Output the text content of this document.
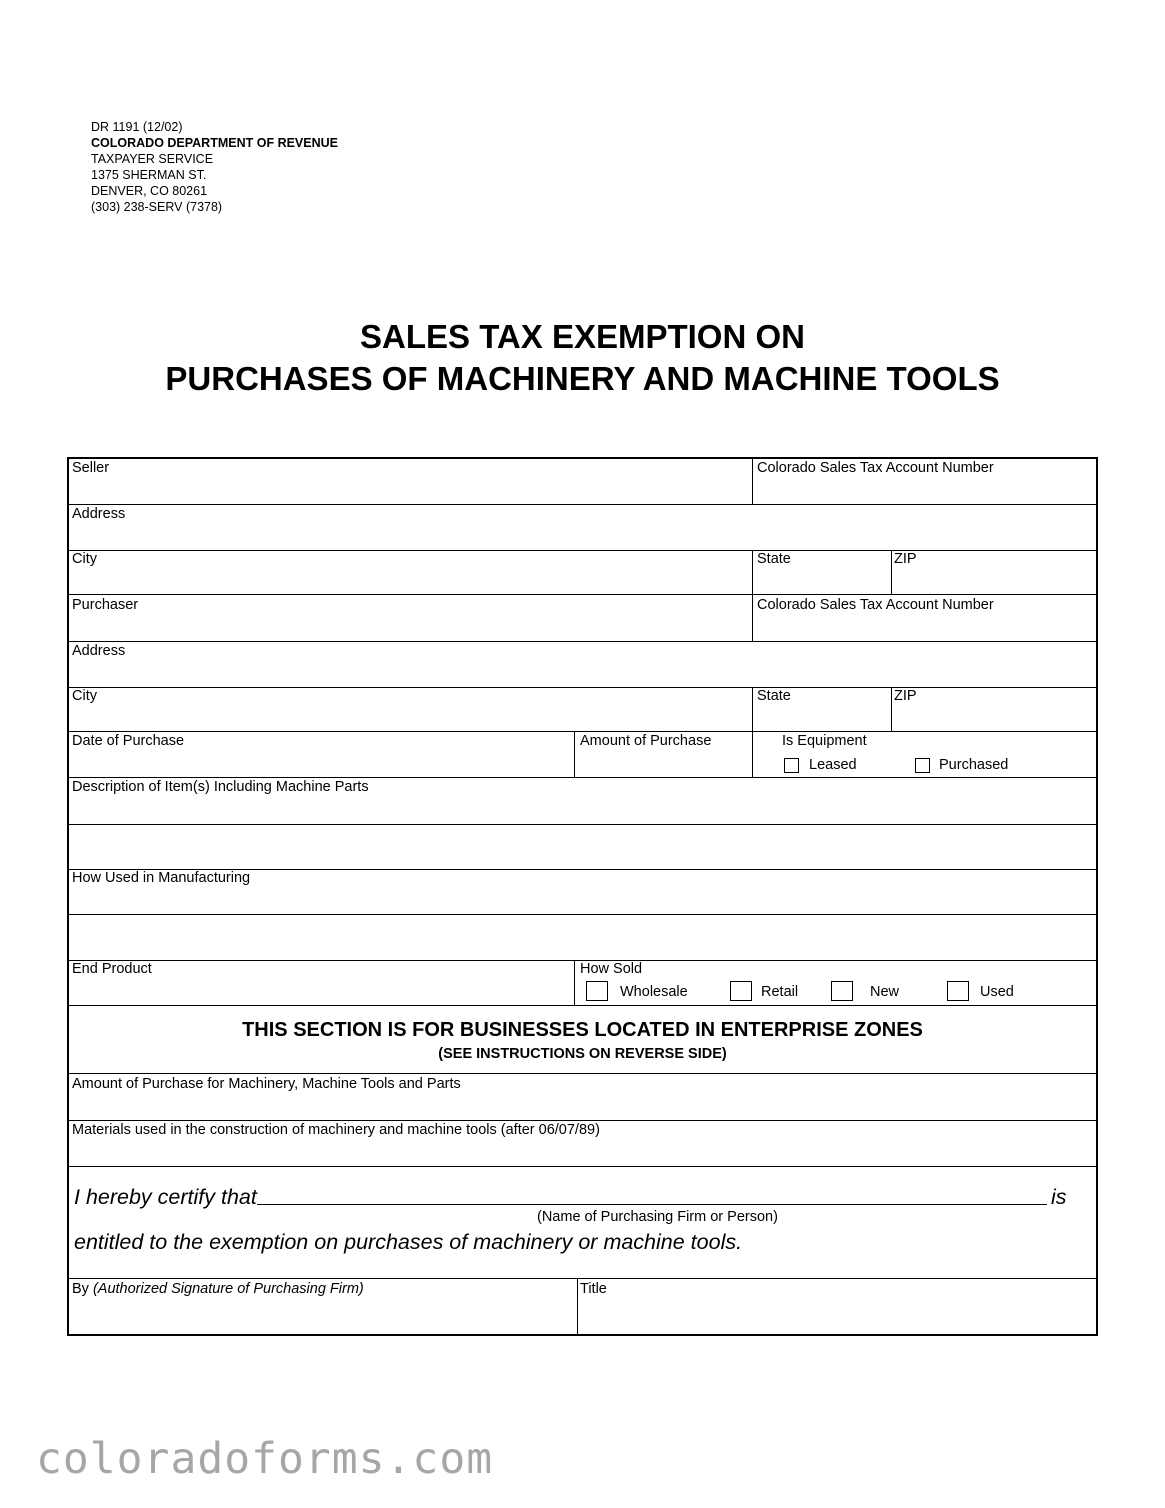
DR 1191 (12/02)
COLORADO DEPARTMENT OF REVENUE
TAXPAYER SERVICE
1375 SHERMAN ST.
DENVER, CO 80261
(303) 238-SERV (7378)
SALES TAX EXEMPTION ON
PURCHASES OF MACHINERY AND MACHINE TOOLS
Seller	Colorado Sales Tax Account Number
Address
City	State	ZIP
Purchaser	Colorado Sales Tax Account Number
Address
City	State	ZIP
Date of Purchase	Amount of Purchase	Is Equipment
Leased	Purchased
Description of Item(s) Including Machine Parts
How Used in Manufacturing
End Product	How Sold
Wholesale	Retail	New	Used
THIS SECTION IS FOR BUSINESSES LOCATED IN ENTERPRISE ZONES
(SEE INSTRUCTIONS ON REVERSE SIDE)
Amount of Purchase for Machinery, Machine Tools and Parts
Materials used in the construction of machinery and machine tools (after 06/07/89)
I hereby certify that	is
(Name of Purchasing Firm or Person)
entitled to the exemption on purchases of machinery or machine tools.
By (Authorized Signature of Purchasing Firm)	Title
coloradoforms.com
